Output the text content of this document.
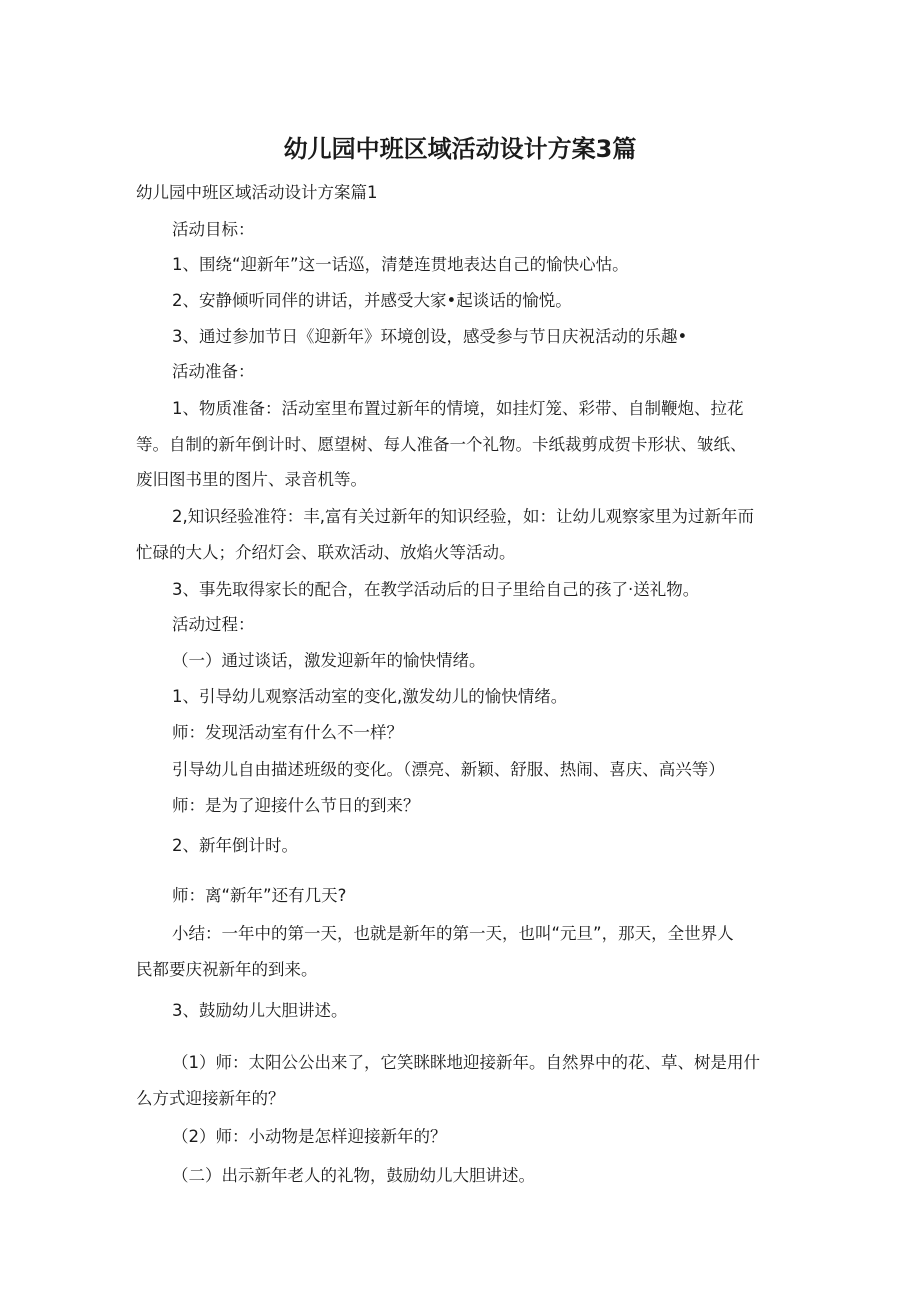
幼儿园中班区域活动设计方案3篇
幼儿园中班区域活动设计方案篇1
活动目标：
1、围绕“迎新年”这一话巡，清楚连贯地表达自己的愉快心怙。
2、安静倾听同伴的讲话，并感受大家•起谈话的愉悦。
3、通过参加节日《迎新年》环境创设，感受参与节日庆祝活动的乐趣•
活动准备：
1、物质准备：活动室里布置过新年的情境，如挂灯笼、彩带、自制鞭炮、拉花
等。自制的新年倒计时、愿望树、每人准备一个礼物。卡纸裁剪成贺卡形状、皱纸、
废旧图书里的图片、录音机等。
2,知识经验准符：丰,富有关过新年的知识经验，如：让幼儿观察家里为过新年而
忙碌的大人；介绍灯会、联欢活动、放焰火等活动。
3、事先取得家长的配合，在教学活动后的日子里给自己的孩了·送礼物。
活动过程：
（一）通过谈话，激发迎新年的愉快情绪。
1、引导幼儿观察活动室的变化,激发幼儿的愉快情绪。
师：发现活动室有什么不一样？
引导幼儿自由描述班级的变化。（漂亮、新颖、舒服、热闹、喜庆、高兴等）
师：是为了迎接什么节日的到来？
2、新年倒计时。
师：离“新年”还有几天?
小结：一年中的第一天，也就是新年的第一天，也叫“元旦”，那天，全世界人
民都要庆祝新年的到来。
3、鼓励幼儿大胆讲述。
（1）师：太阳公公出来了，它笑眯眯地迎接新年。自然界中的花、草、树是用什
么方式迎接新年的？
（2）师：小动物是怎样迎接新年的？
（二）出示新年老人的礼物，鼓励幼儿大胆讲述。
